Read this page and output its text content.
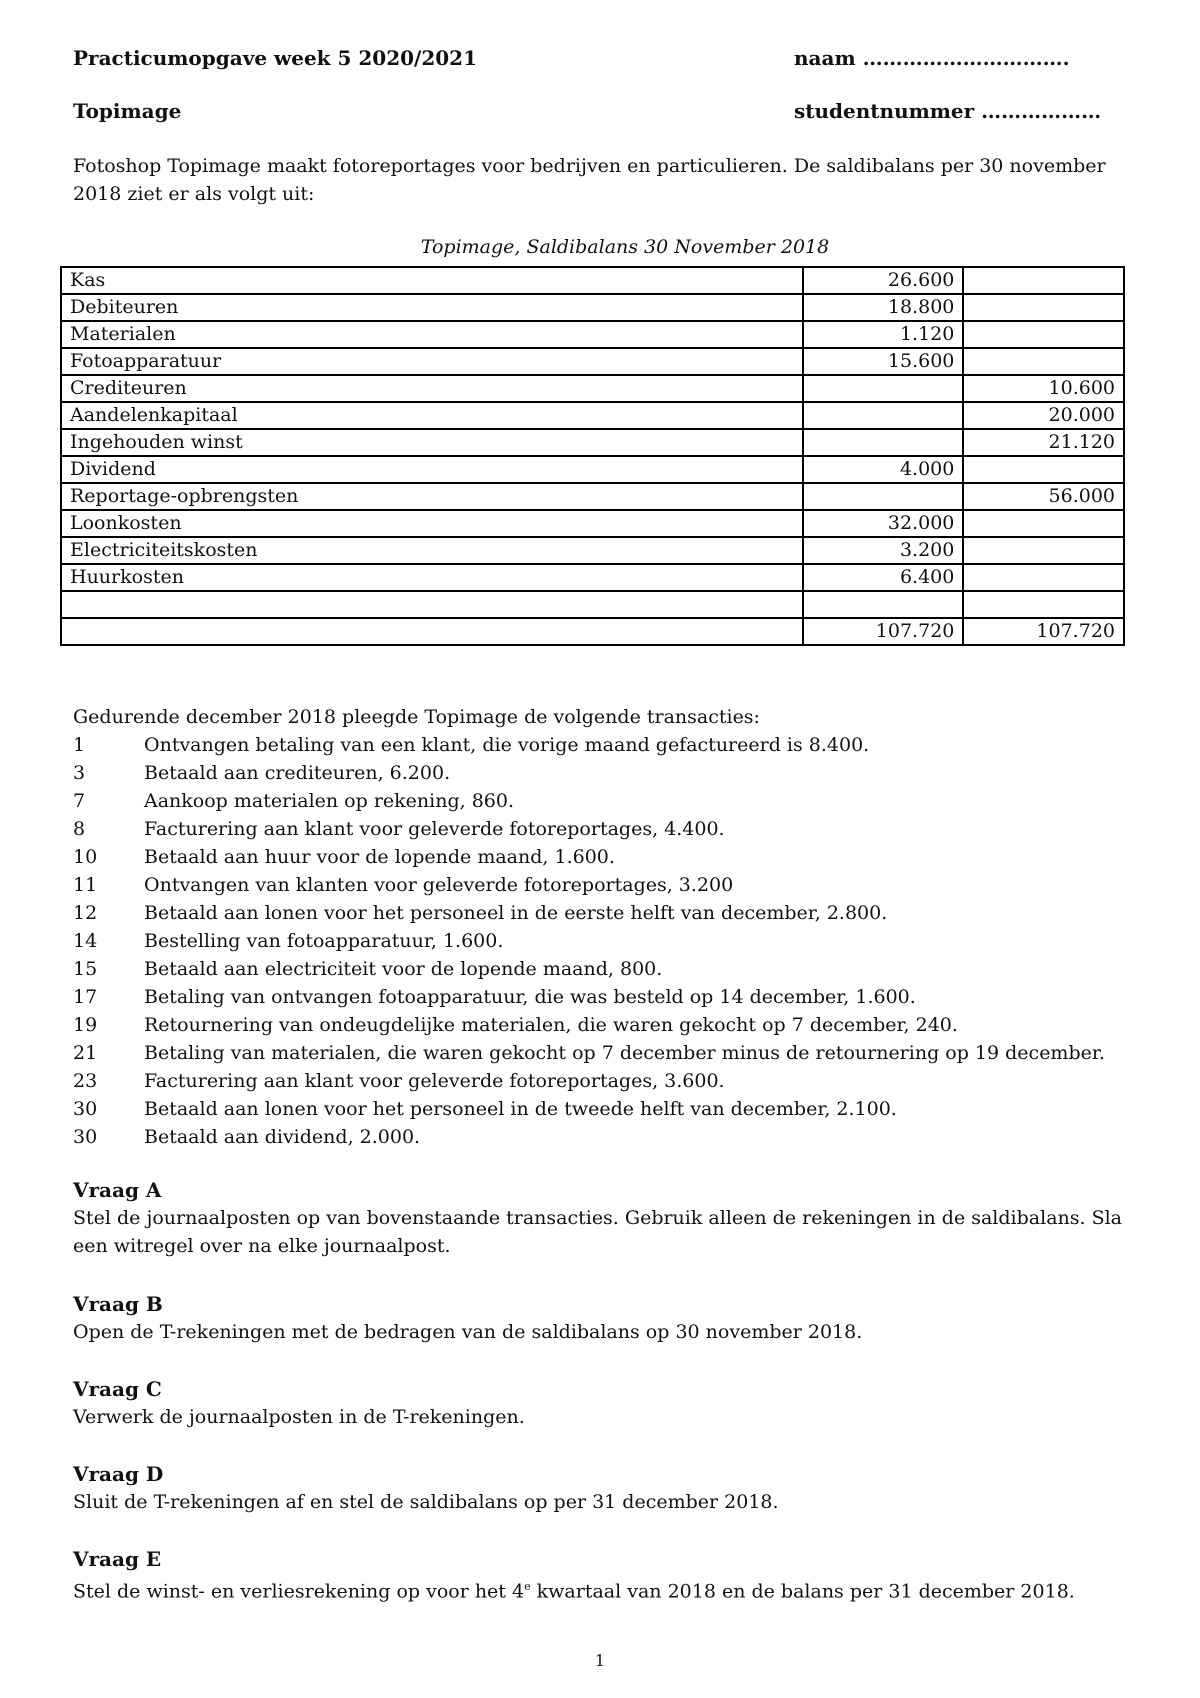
Practicumopgave week 5 2020/2021	naam ………………………….
Topimage	studentnummer ………………
Fotoshop Topimage maakt fotoreportages voor bedrijven en particulieren. De saldibalans per 30 november
2018 ziet er als volgt uit:
Topimage, Saldibalans 30 November 2018
Kas	26.600	
Debiteuren	18.800	
Materialen	1.120	
Fotoapparatuur	15.600	
Crediteuren		10.600
Aandelenkapitaal		20.000
Ingehouden winst		21.120
Dividend	4.000	
Reportage-opbrengsten		56.000
Loonkosten	32.000	
Electriciteitskosten	3.200	
Huurkosten	6.400	

	107.720	107.720
Gedurende december 2018 pleegde Topimage de volgende transacties:
1	Ontvangen betaling van een klant, die vorige maand gefactureerd is 8.400.
3	Betaald aan crediteuren, 6.200.
7	Aankoop materialen op rekening, 860.
8	Facturering aan klant voor geleverde fotoreportages, 4.400.
10 Betaald aan huur voor de lopende maand, 1.600.
11 Ontvangen van klanten voor geleverde fotoreportages, 3.200
12 Betaald aan lonen voor het personeel in de eerste helft van december, 2.800.
14 Bestelling van fotoapparatuur, 1.600.
15 Betaald aan electriciteit voor de lopende maand, 800.
17 Betaling van ontvangen fotoapparatuur, die was besteld op 14 december, 1.600.
19 Retournering van ondeugdelijke materialen, die waren gekocht op 7 december, 240.
21 Betaling van materialen, die waren gekocht op 7 december minus de retournering op 19 december.
23 Facturering aan klant voor geleverde fotoreportages, 3.600.
30 Betaald aan lonen voor het personeel in de tweede helft van december, 2.100.
30 Betaald aan dividend, 2.000.
Vraag A
Stel de journaalposten op van bovenstaande transacties. Gebruik alleen de rekeningen in de saldibalans. Sla
een witregel over na elke journaalpost.
Vraag B
Open de T-rekeningen met de bedragen van de saldibalans op 30 november 2018.
Vraag C
Verwerk de journaalposten in de T-rekeningen.
Vraag D
Sluit de T-rekeningen af en stel de saldibalans op per 31 december 2018.
Vraag E
Stel de winst- en verliesrekening op voor het 4e kwartaal van 2018 en de balans per 31 december 2018.
1
